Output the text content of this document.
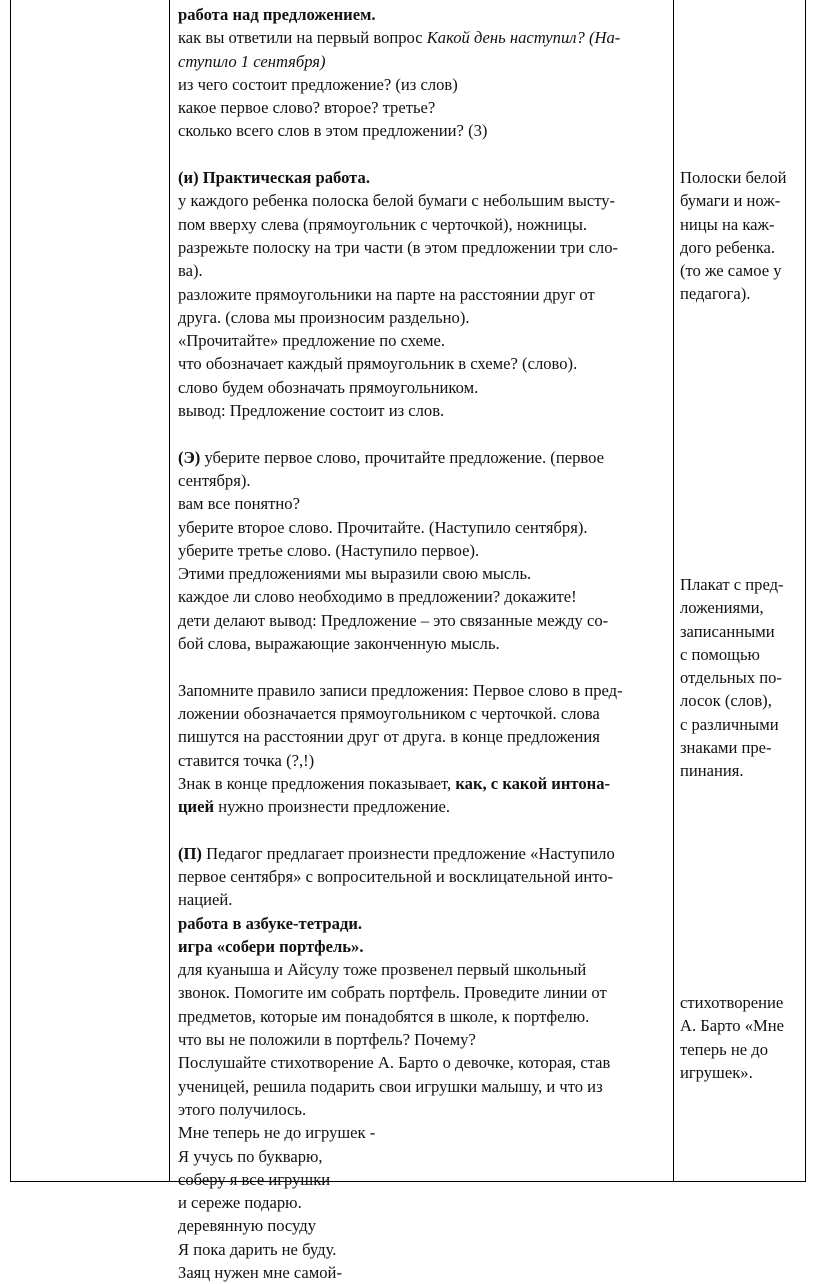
работа над предложением.
как вы ответили на первый вопрос Какой день наступил? (На-
ступило 1 сентября)
из чего состоит предложение? (из слов)
какое первое слово? второе? третье?
сколько всего слов в этом предложении? (3)
(и) Практическая работа.
у каждого ребенка полоска белой бумаги с небольшим высту-
пом вверху слева (прямоугольник с черточкой), ножницы.
разрежьте полоску на три части (в этом предложении три сло-
ва).
разложите прямоугольники на парте на расстоянии друг от
друга. (слова мы произносим раздельно).
«Прочитайте» предложение по схеме.
что обозначает каждый прямоугольник в схеме? (слово).
слово будем обозначать прямоугольником.
вывод: Предложение состоит из слов.
(Э) уберите первое слово, прочитайте предложение. (первое
сентября).
вам все понятно?
уберите второе слово. Прочитайте. (Наступило сентября).
уберите третье слово. (Наступило первое).
Этими предложениями мы выразили свою мысль.
каждое ли слово необходимо в предложении? докажите!
дети делают вывод: Предложение – это связанные между со-
бой слова, выражающие законченную мысль.
Запомните правило записи предложения: Первое слово в пред-
ложении обозначается прямоугольником с черточкой. слова
пишутся на расстоянии друг от друга. в конце предложения
ставится точка (?,!)
Знак в конце предложения показывает, как, с какой интона-
цией нужно произнести предложение.
(П) Педагог предлагает произнести предложение «Наступило
первое сентября» с вопросительной и восклицательной инто-
нацией.
работа в азбуке-тетради.
игра «собери портфель».
для куаныша и Айсулу тоже прозвенел первый школьный
звонок. Помогите им собрать портфель. Проведите линии от
предметов, которые им понадобятся в школе, к портфелю.
что вы не положили в портфель? Почему?
Послушайте стихотворение А. Барто о девочке, которая, став
ученицей, решила подарить свои игрушки малышу, и что из
этого получилось.
Мне теперь не до игрушек -
Я учусь по букварю,
соберу я все игрушки
и сереже подарю.
деревянную посуду
Я пока дарить не буду.
Заяц нужен мне самой-
Полоски белой
бумаги и нож-
ницы на каж-
дого ребенка.
(то же самое у
педагога).
Плакат с пред-
ложениями,
записанными
с помощью
отдельных по-
лосок (слов),
с различными
знаками пре-
пинания.
стихотворение
А. Барто «Мне
теперь не до
игрушек».
